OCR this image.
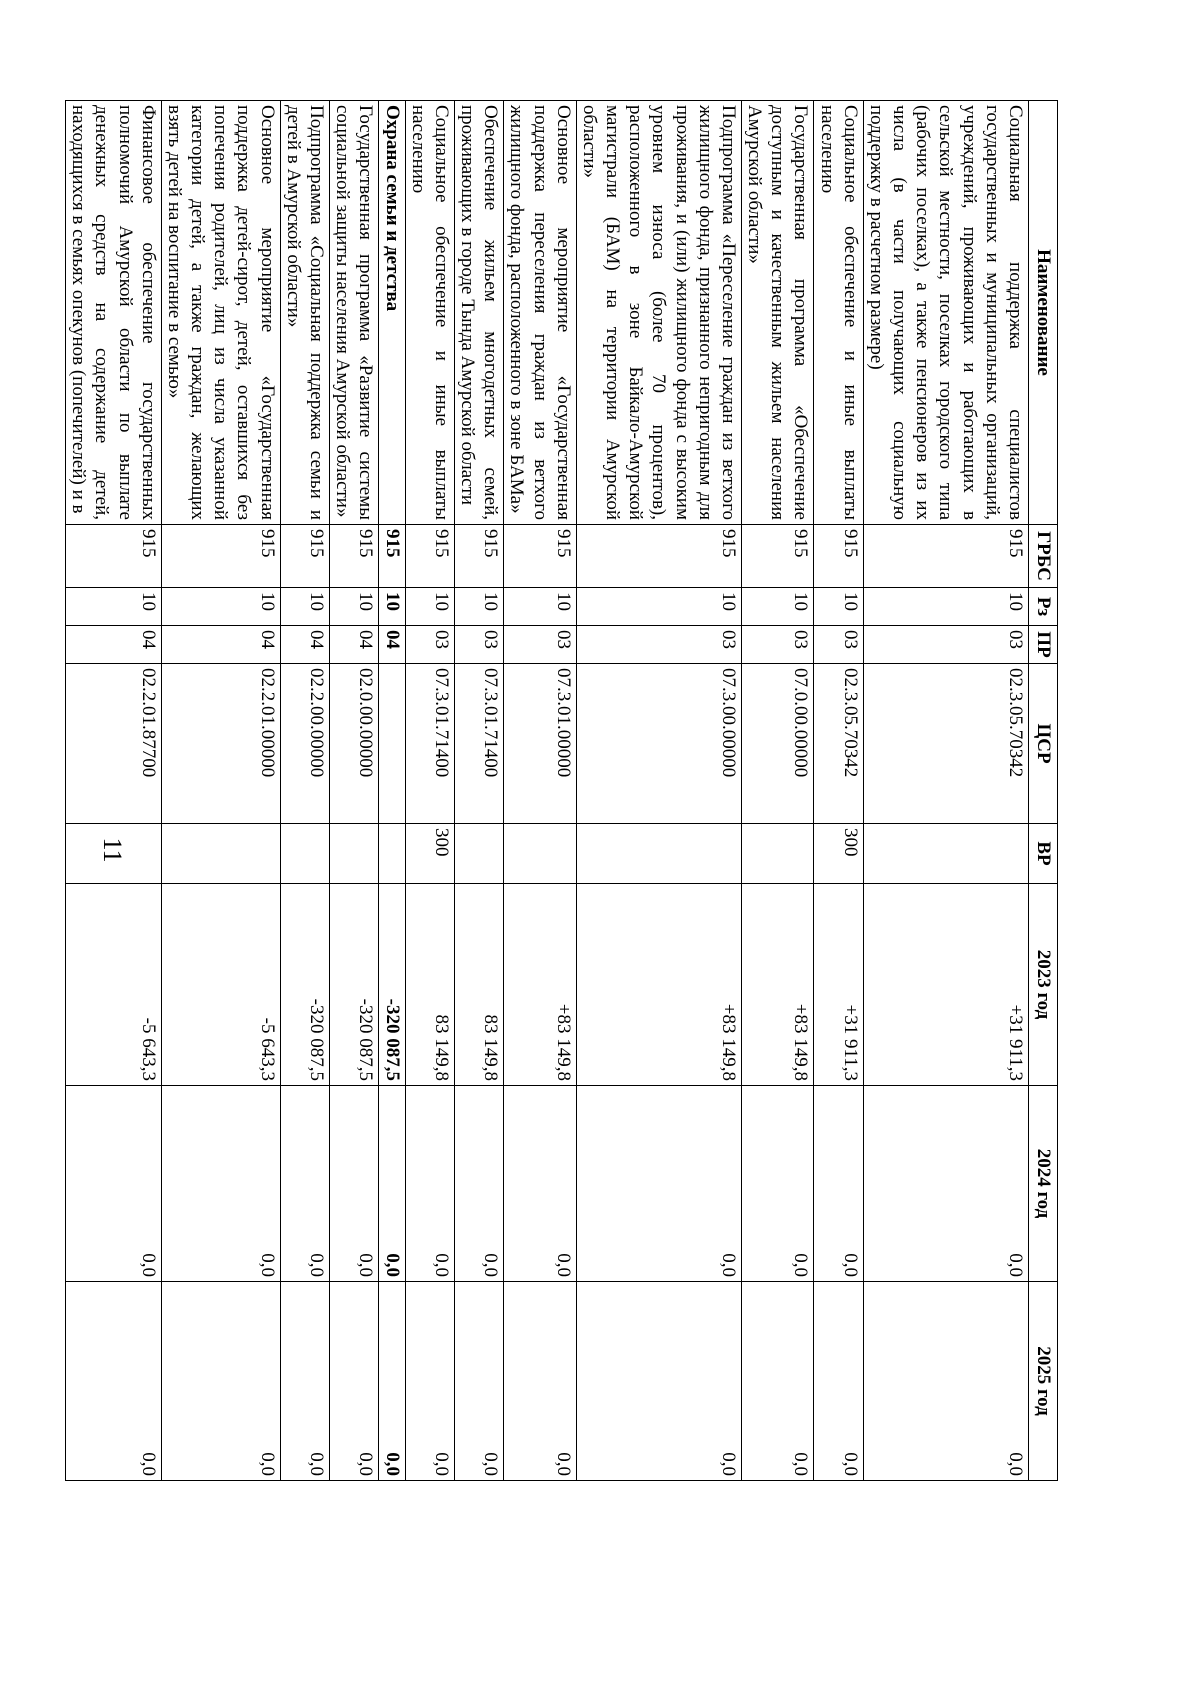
11
Наименование	ГРБС	Рз	ПР	ЦСР	ВР	2023 год	2024 год	2025 год
Социальная поддержка специалистов государственных и муниципальных организаций, учреждений, проживающих и работающих в сельской местности, поселках городского типа (рабочих поселках), а также пенсионеров из их числа (в части получающих социальную поддержку в расчетном размере)	915	10	03	02.3.05.70342		+31 911,3	0,0	0,0
Социальное обеспечение и иные выплаты населению	915	10	03	02.3.05.70342	300	+31 911,3	0,0	0,0
Государственная программа «Обеспечение доступным и качественным жильем населения Амурской области»	915	10	03	07.0.00.00000		+83 149,8	0,0	0,0
Подпрограмма «Переселение граждан из ветхого жилищного фонда, признанного непригодным для проживания, и (или) жилищного фонда с высоким уровнем износа (более 70 процентов), расположенного в зоне Байкало-Амурской магистрали (БАМ) на территории Амурской области»	915	10	03	07.3.00.00000		+83 149,8	0,0	0,0
Основное мероприятие «Государственная поддержка переселения граждан из ветхого жилищного фонда, расположенного в зоне БАМа»	915	10	03	07.3.01.00000		+83 149,8	0,0	0,0
Обеспечение жильем многодетных семей, проживающих в городе Тында Амурской области	915	10	03	07.3.01.71400		83 149,8	0,0	0,0
Социальное обеспечение и иные выплаты населению	915	10	03	07.3.01.71400	300	83 149,8	0,0	0,0
Охрана семьи и детства	915	10	04			-320 087,5	0,0	0,0
Государственная программа «Развитие системы социальной защиты населения Амурской области»	915	10	04	02.0.00.00000		-320 087,5	0,0	0,0
Подпрограмма «Социальная поддержка семьи и детей в Амурской области»	915	10	04	02.2.00.00000		-320 087,5	0,0	0,0
Основное мероприятие «Государственная поддержка детей-сирот, детей, оставшихся без попечения родителей, лиц из числа указанной категории детей, а также граждан, желающих взять детей на воспитание в семью»	915	10	04	02.2.01.00000		-5 643,3	0,0	0,0
Финансовое обеспечение государственных полномочий Амурской области по выплате денежных средств на содержание детей, находящихся в семьях опекунов (попечителей) и в	915	10	04	02.2.01.87700		-5 643,3	0,0	0,0
